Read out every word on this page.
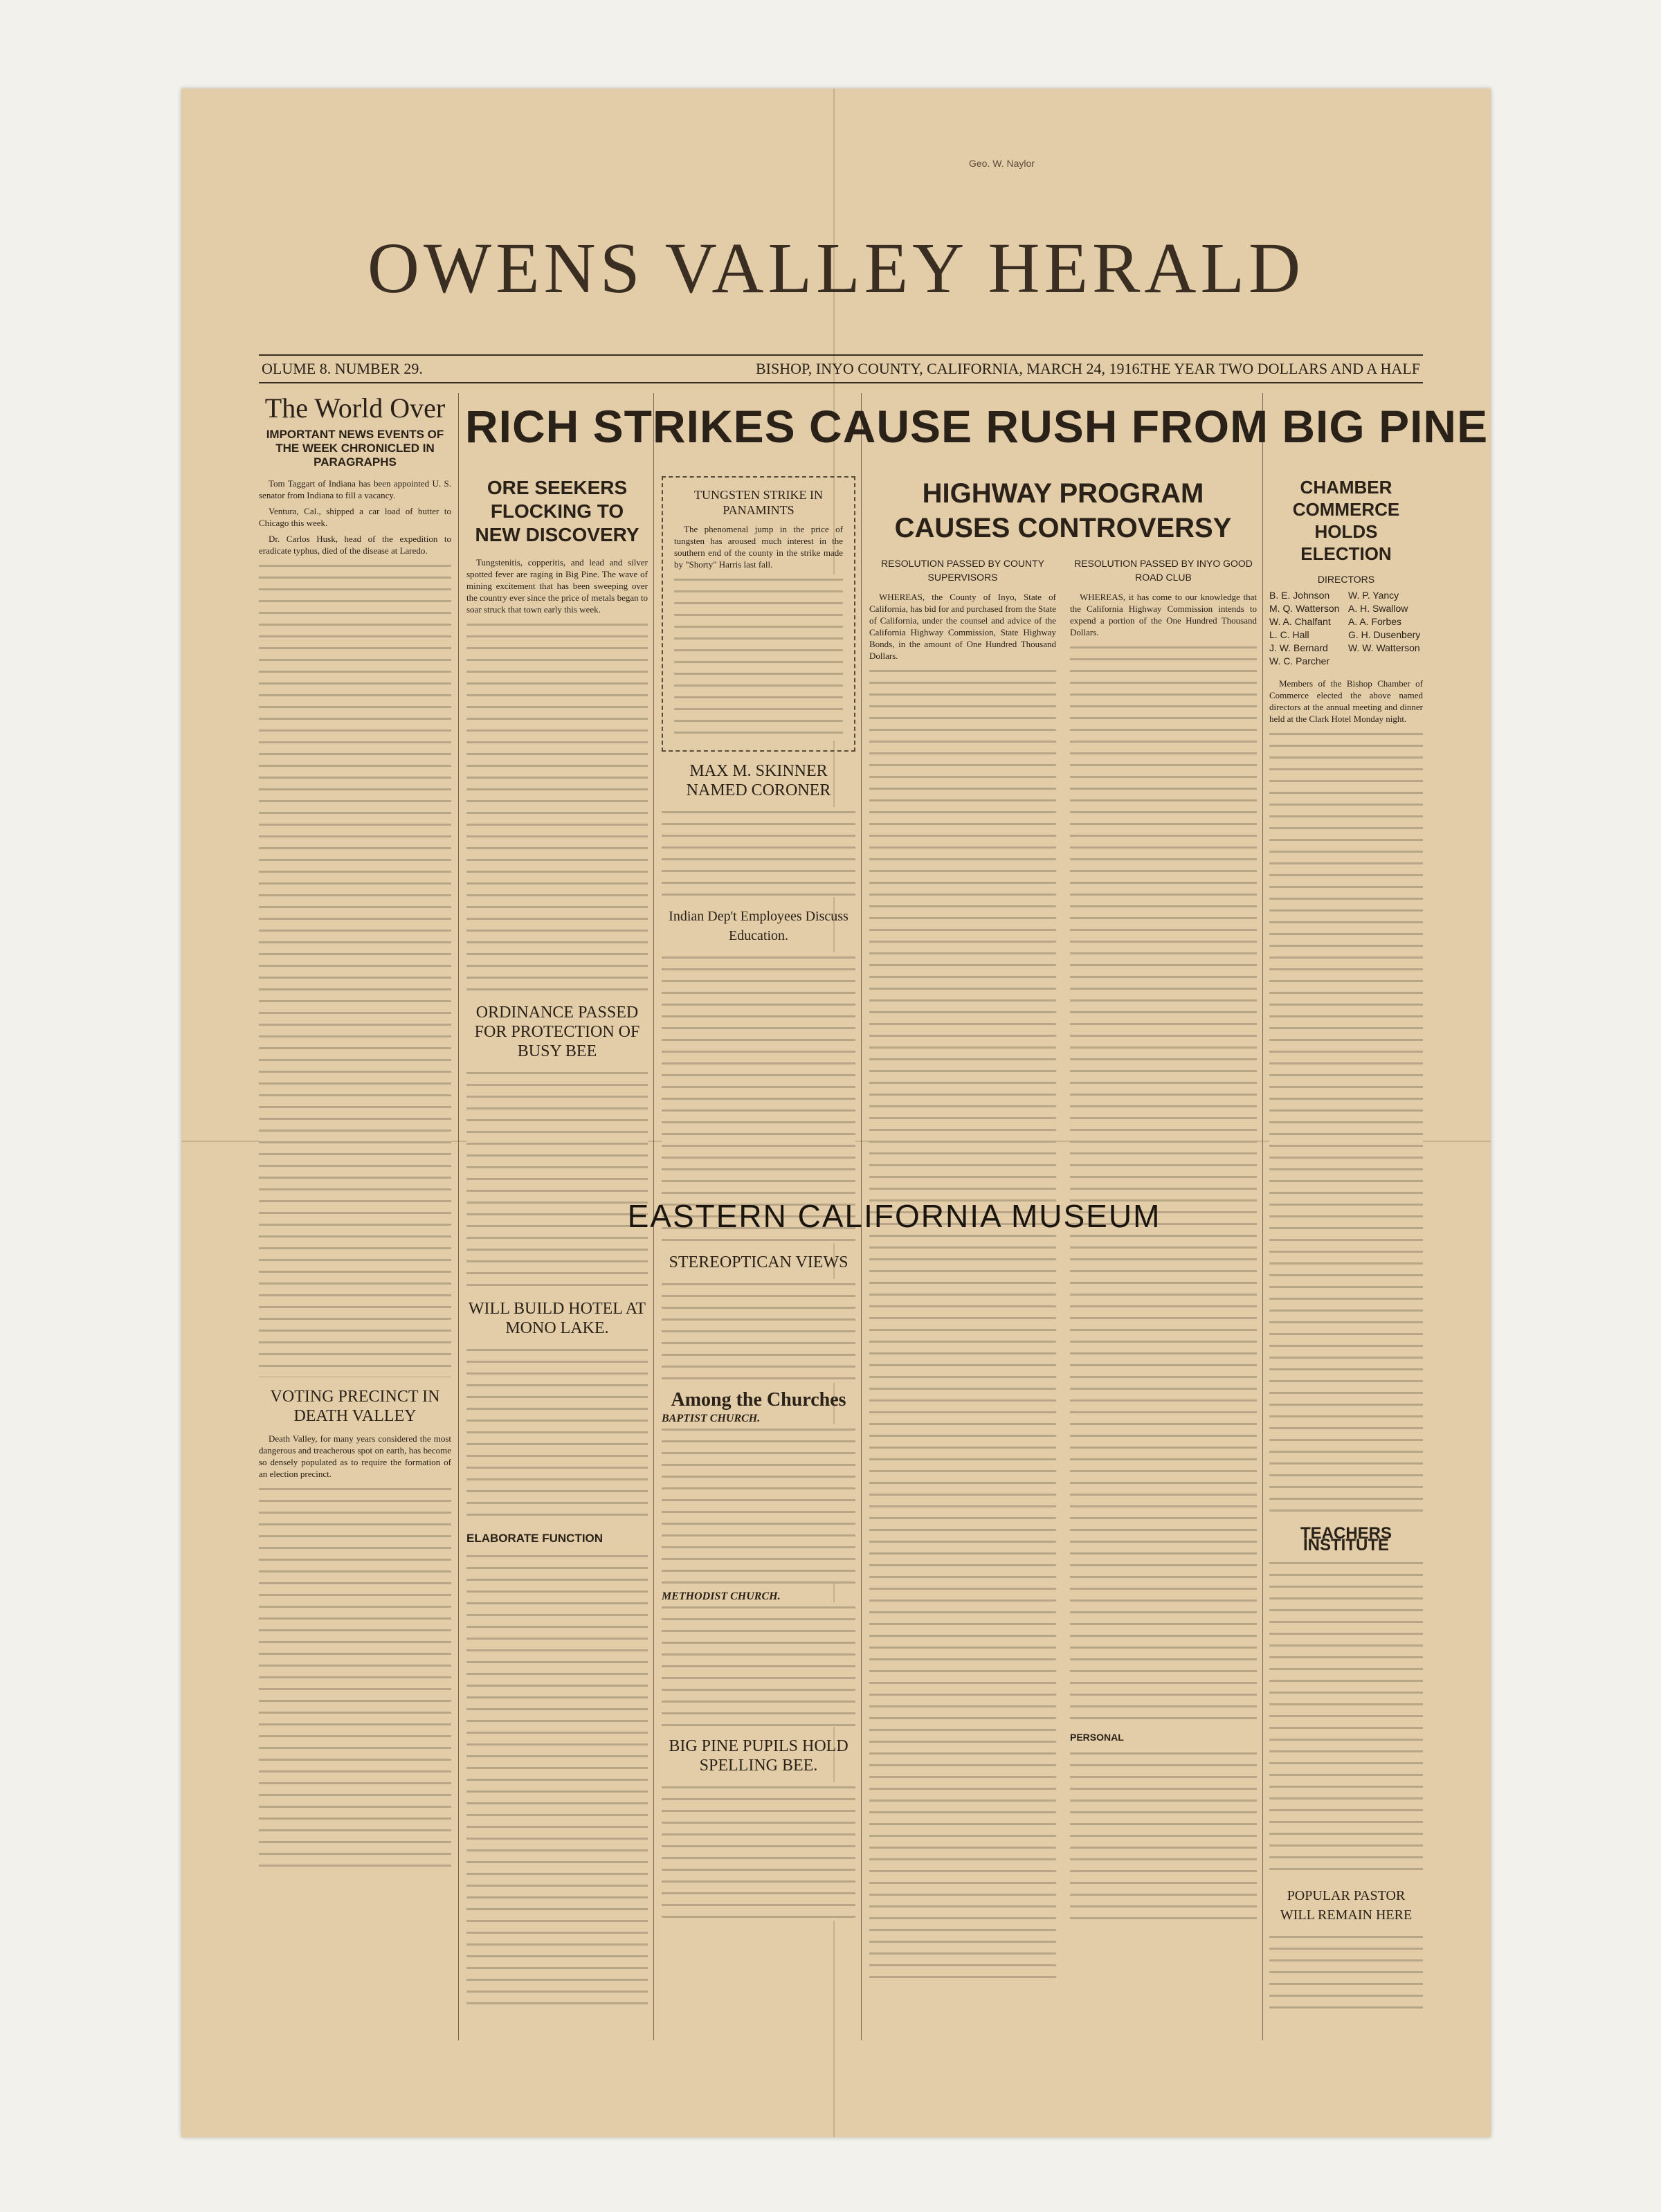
Geo. W. Naylor
OWENS VALLEY HERALD
OLUME 8. NUMBER 29.	BISHOP, INYO COUNTY, CALIFORNIA, MARCH 24, 1916.
THE YEAR TWO DOLLARS AND A HALF
RICH STRIKES CAUSE RUSH FROM BIG PINE
The World Over
IMPORTANT NEWS EVENTS OF THE WEEK CHRONICLED IN PARAGRAPHS

Tom Taggart of Indiana has been appointed U. S. senator from Indiana to fill a vacancy.

Ventura, Cal., shipped a car load of butter to Chicago this week.

Dr. Carlos Husk, head of the expedition to eradicate typhus, died of the disease at Laredo.

VOTING PRECINCT IN DEATH VALLEY

Death Valley, for many years considered the most dangerous and treacherous spot on earth, has become so densely populated as to require the formation of an election precinct.

ORE SEEKERS FLOCKING TO NEW DISCOVERY

Tungstenitis, copperitis, and lead and silver spotted fever are raging in Big Pine. The wave of mining excitement that has been sweeping over the country ever since the price of metals began to soar struck that town early this week.

ORDINANCE PASSED FOR PROTECTION OF BUSY BEE
WILL BUILD HOTEL AT MONO LAKE.
ELABORATE FUNCTION
TUNGSTEN STRIKE IN PANAMINTS

The phenomenal jump in the price of tungsten has aroused much interest in the southern end of the county in the strike made by "Shorty" Harris last fall.

MAX M. SKINNER NAMED CORONER
Indian Dep't Employees Discuss Education.
STEREOPTICAN VIEWS
Among the Churches
BAPTIST CHURCH.
METHODIST CHURCH.
BIG PINE PUPILS HOLD SPELLING BEE.
HIGHWAY PROGRAM CAUSES CONTROVERSY
RESOLUTION PASSED BY COUNTY SUPERVISORS
RESOLUTION PASSED BY INYO GOOD ROAD CLUB

WHEREAS, the County of Inyo, State of California, has bid for and purchased from the State of California, under the counsel and advice of the California Highway Commission, State Highway Bonds, in the amount of One Hundred Thousand Dollars.

WHEREAS, it has come to our knowledge that the California Highway Commission intends to expend a portion of the One Hundred Thousand Dollars.

PERSONAL
CHAMBER COMMERCE HOLDS ELECTION
DIRECTORS
B. E. Johnson	W. P. Yancy
M. Q. Watterson A. H. Swallow
W. A. Chalfant	A. A. Forbes
L. C. Hall	G. H. Dusenbery
J. W. Bernard	W. W. Watterson
W. C. Parcher

Members of the Bishop Chamber of Commerce elected the above named directors at the annual meeting and dinner held at the Clark Hotel Monday night.

TEACHERS INSTITUTE
POPULAR PASTOR WILL REMAIN HERE
EASTERN CALIFORNIA MUSEUM
